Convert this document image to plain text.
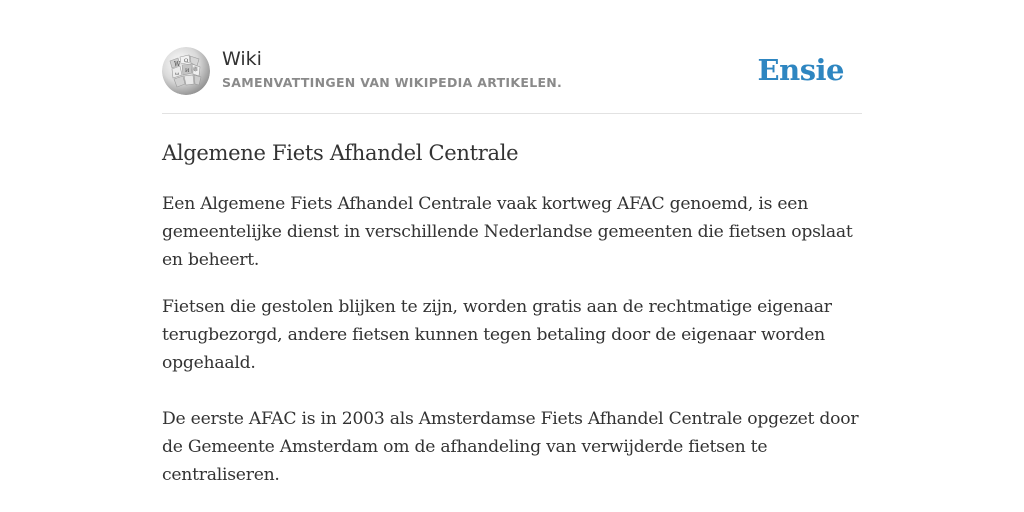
W Ω
И
ω
維 Wiki
SAMENVATTINGEN VAN WIKIPEDIA ARTIKELEN.	Ensie
Algemene Fiets Afhandel Centrale

Een Algemene Fiets Afhandel Centrale vaak kortweg AFAC genoemd, is een gemeentelijke dienst in verschillende Nederlandse gemeenten die fietsen opslaat en beheert.

Fietsen die gestolen blijken te zijn, worden gratis aan de rechtmatige eigenaar terugbezorgd, andere fietsen kunnen tegen betaling door de eigenaar worden opgehaald.

De eerste AFAC is in 2003 als Amsterdamse Fiets Afhandel Centrale opgezet door de Gemeente Amsterdam om de afhandeling van verwijderde fietsen te centraliseren.
